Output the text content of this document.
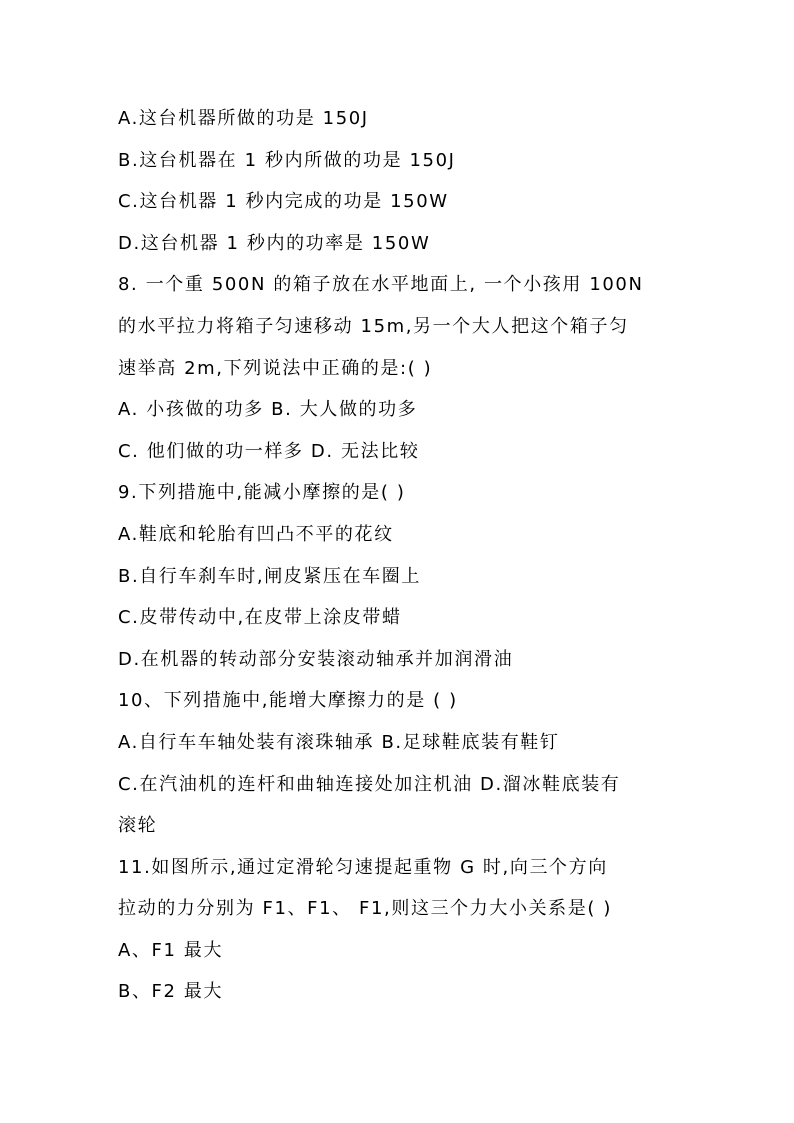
A.这台机器所做的功是 150J
B.这台机器在 1 秒内所做的功是 150J
C.这台机器 1 秒内完成的功是 150W
D.这台机器 1 秒内的功率是 150W
8. 一个重 500N 的箱子放在水平地面上, 一个小孩用 100N
的水平拉力将箱子匀速移动 15m,另一个大人把这个箱子匀
速举高 2m,下列说法中正确的是:( )
A. 小孩做的功多 B. 大人做的功多
C. 他们做的功一样多 D. 无法比较
9.下列措施中,能减小摩擦的是( )
A.鞋底和轮胎有凹凸不平的花纹
B.自行车刹车时,闸皮紧压在车圈上
C.皮带传动中,在皮带上涂皮带蜡
D.在机器的转动部分安装滚动轴承并加润滑油
10、下列措施中,能增大摩擦力的是 ( )
A.自行车车轴处装有滚珠轴承 B.足球鞋底装有鞋钉
C.在汽油机的连杆和曲轴连接处加注机油 D.溜冰鞋底装有
滚轮
11.如图所示,通过定滑轮匀速提起重物 G 时,向三个方向
拉动的力分别为 F1、F1、 F1,则这三个力大小关系是( )
A、F1 最大
B、F2 最大
